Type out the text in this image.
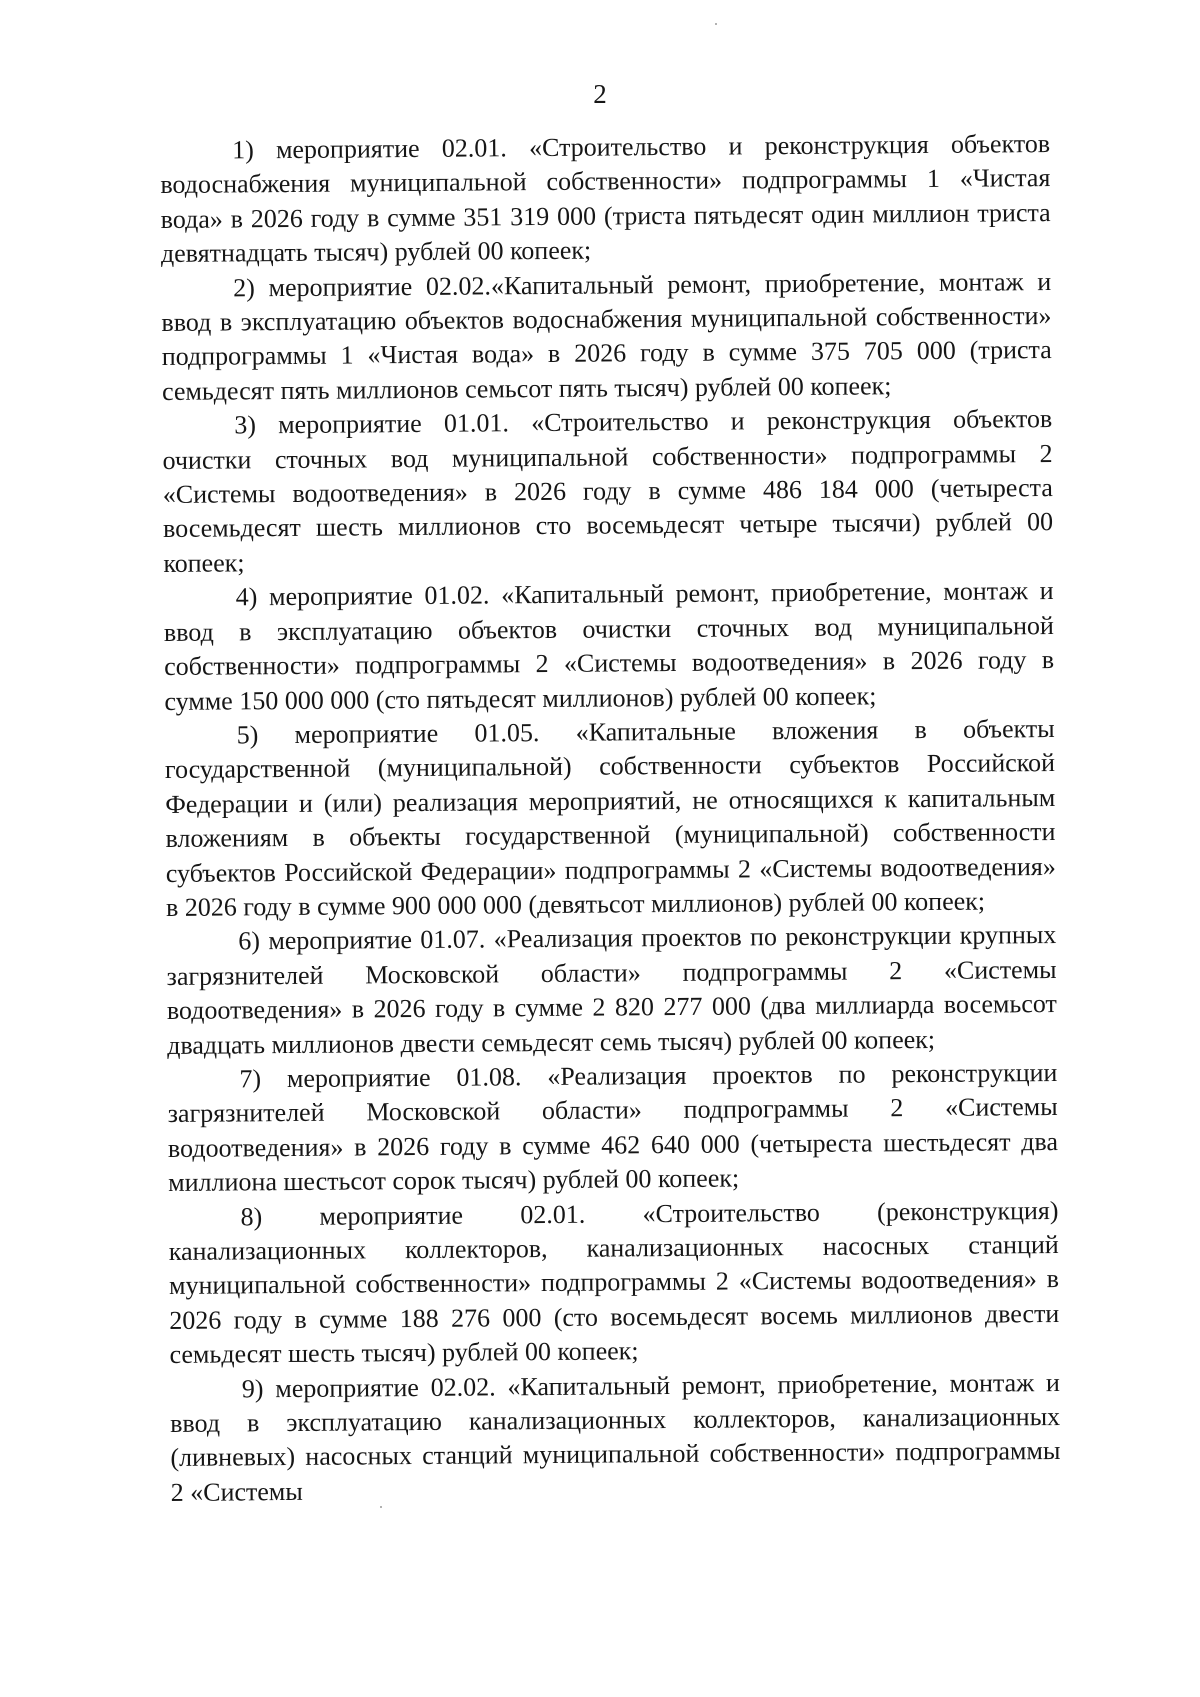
2

1) мероприятие 02.01. «Строительство и реконструкция объектов водоснабжения муниципальной собственности» подпрограммы 1 «Чистая вода» в 2026 году в сумме 351 319 000 (триста пятьдесят один миллион триста девятнадцать тысяч) рублей 00 копеек;

2) мероприятие 02.02.«Капитальный ремонт, приобретение, монтаж и ввод в эксплуатацию объектов водоснабжения муниципальной собственности» подпрограммы 1 «Чистая вода» в 2026 году в сумме 375 705 000 (триста семьдесят пять миллионов семьсот пять тысяч) рублей 00 копеек;

3) мероприятие 01.01. «Строительство и реконструкция объектов очистки сточных вод муниципальной собственности» подпрограммы 2 «Системы водоотведения» в 2026 году в сумме 486 184 000 (четыреста восемьдесят шесть миллионов сто восемьдесят четыре тысячи) рублей 00 копеек;

4) мероприятие 01.02. «Капитальный ремонт, приобретение, монтаж и ввод в эксплуатацию объектов очистки сточных вод муниципальной собственности» подпрограммы 2 «Системы водоотведения» в 2026 году в сумме 150 000 000 (сто пятьдесят миллионов) рублей 00 копеек;

5) мероприятие 01.05. «Капитальные вложения в объекты государственной (муниципальной) собственности субъектов Российской Федерации и (или) реализация мероприятий, не относящихся к капитальным вложениям в объекты государственной (муниципальной) собственности субъектов Российской Федерации» подпрограммы 2 «Системы водоотведения» в 2026 году в сумме 900 000 000 (девятьсот миллионов) рублей 00 копеек;

6) мероприятие 01.07. «Реализация проектов по реконструкции крупных загрязнителей Московской области» подпрограммы 2 «Системы водоотведения» в 2026 году в сумме 2 820 277 000 (два миллиарда восемьсот двадцать миллионов двести семьдесят семь тысяч) рублей 00 копеек;

7) мероприятие 01.08. «Реализация проектов по реконструкции загрязнителей Московской области» подпрограммы 2 «Системы водоотведения» в 2026 году в сумме 462 640 000 (четыреста шестьдесят два миллиона шестьсот сорок тысяч) рублей 00 копеек;

8) мероприятие 02.01. «Строительство (реконструкция) канализационных коллекторов, канализационных насосных станций муниципальной собственности» подпрограммы 2 «Системы водоотведения» в 2026 году в сумме 188 276 000 (сто восемьдесят восемь миллионов двести семьдесят шесть тысяч) рублей 00 копеек;

9) мероприятие 02.02. «Капитальный ремонт, приобретение, монтаж и ввод в эксплуатацию канализационных коллекторов, канализационных (ливневых) насосных станций муниципальной собственности» подпрограммы 2 «Системы
